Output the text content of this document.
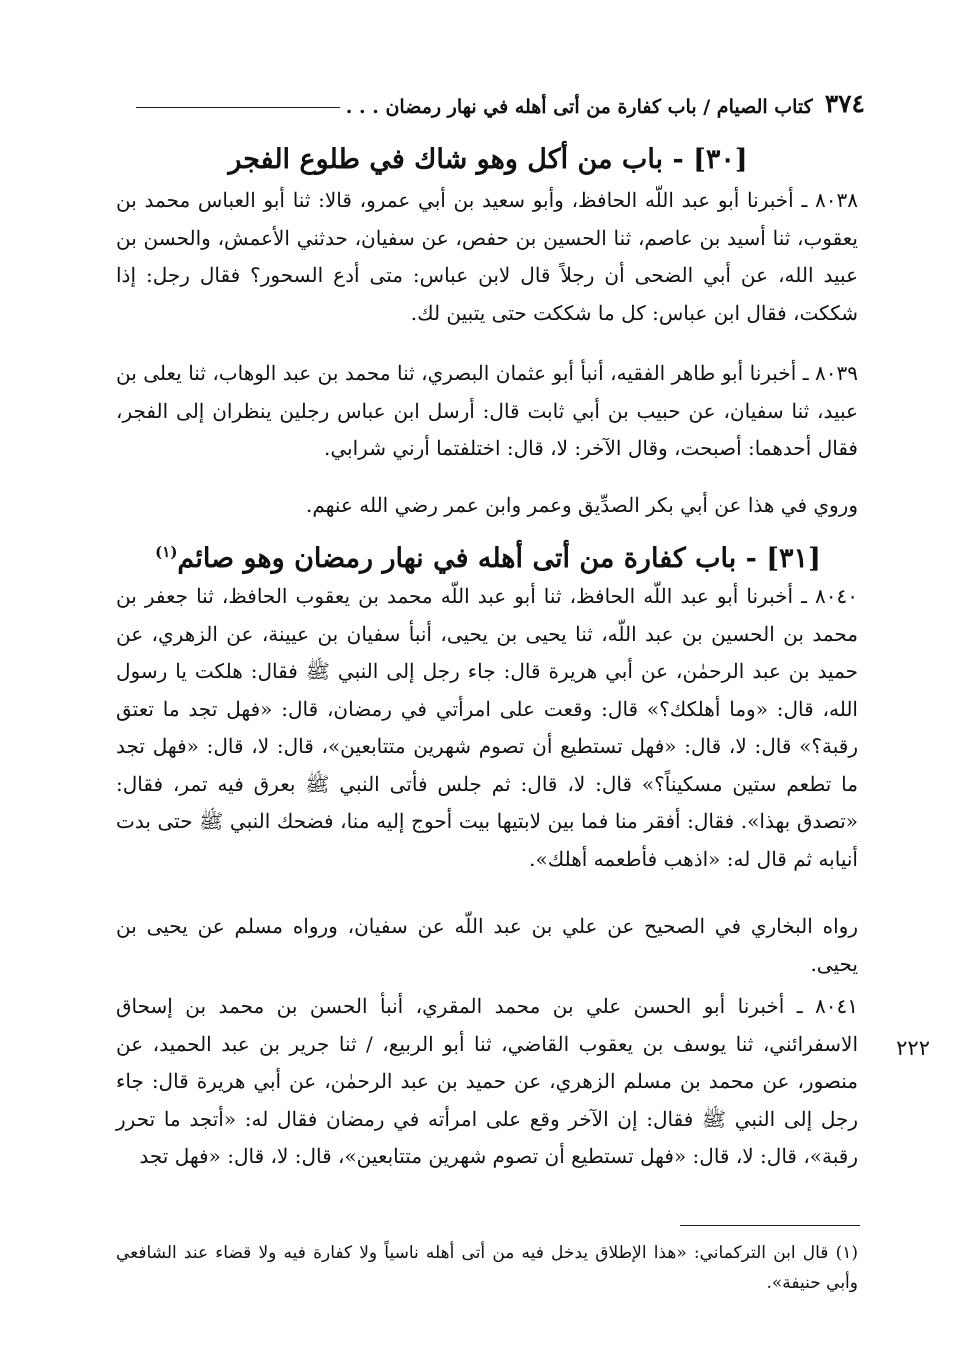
٣٧٤
كتاب الصيام / باب كفارة من أتى أهله في نهار رمضان . . .
[٣٠] - باب من أكل وهو شاك في طلوع الفجر

٨٠٣٨ ـ أخبرنا أبو عبد اللّه الحافظ، وأبو سعيد بن أبي عمرو، قالا: ثنا أبو العباس محمد بن يعقوب، ثنا أسيد بن عاصم، ثنا الحسين بن حفص، عن سفيان، حدثني الأعمش، والحسن بن عبيد الله، عن أبي الضحى أن رجلاً قال لابن عباس: متى أدع السحور؟ فقال رجل: إذا شككت، فقال ابن عباس: كل ما شككت حتى يتبين لك.

٨٠٣٩ ـ أخبرنا أبو طاهر الفقيه، أنبأ أبو عثمان البصري، ثنا محمد بن عبد الوهاب، ثنا يعلى بن عبيد، ثنا سفيان، عن حبيب بن أبي ثابت قال: أرسل ابن عباس رجلين ينظران إلى الفجر، فقال أحدهما: أصبحت، وقال الآخر: لا، قال: اختلفتما أرني شرابي.

وروي في هذا عن أبي بكر الصدِّيق وعمر وابن عمر رضي الله عنهم.

[٣١] - باب كفارة من أتى أهله في نهار رمضان وهو صائم$^{(١)}$

٨٠٤٠ ـ أخبرنا أبو عبد اللّه الحافظ، ثنا أبو عبد اللّه محمد بن يعقوب الحافظ، ثنا جعفر بن محمد بن الحسين بن عبد اللّه، ثنا يحيى بن يحيى، أنبأ سفيان بن عيينة، عن الزهري، عن حميد بن عبد الرحمٰن، عن أبي هريرة قال: جاء رجل إلى النبي ﷺ فقال: هلكت يا رسول الله، قال: «وما أهلكك؟» قال: وقعت على امرأتي في رمضان، قال: «فهل تجد ما تعتق رقبة؟» قال: لا، قال: «فهل تستطيع أن تصوم شهرين متتابعين»، قال: لا، قال: «فهل تجد ما تطعم ستين مسكيناً؟» قال: لا، قال: ثم جلس فأتى النبي ﷺ بعرق فيه تمر، فقال: «تصدق بهذا». فقال: أفقر منا فما بين لابتيها بيت أحوج إليه منا، فضحك النبي ﷺ حتى بدت أنيابه ثم قال له: «اذهب فأطعمه أهلك».

رواه البخاري في الصحيح عن علي بن عبد اللّه عن سفيان، ورواه مسلم عن يحيى بن يحيى.

٨٠٤١ ـ أخبرنا أبو الحسن علي بن محمد المقري، أنبأ الحسن بن محمد بن إسحاق الاسفرائني، ثنا يوسف بن يعقوب القاضي، ثنا أبو الربيع، / ثنا جرير بن عبد الحميد، عن منصور، عن محمد بن مسلم الزهري، عن حميد بن عبد الرحمٰن، عن أبي هريرة قال: جاء رجل إلى النبي ﷺ فقال: إن الآخر وقع على امرأته في رمضان فقال له: «أتجد ما تحرر رقبة»، قال: لا، قال: «فهل تستطيع أن تصوم شهرين متتابعين»، قال: لا، قال: «فهل تجد

٢٢٢

(١) قال ابن التركماني: «هذا الإطلاق يدخل فيه من أتى أهله ناسياً ولا كفارة فيه ولا قضاء عند الشافعي وأبي حنيفة».
